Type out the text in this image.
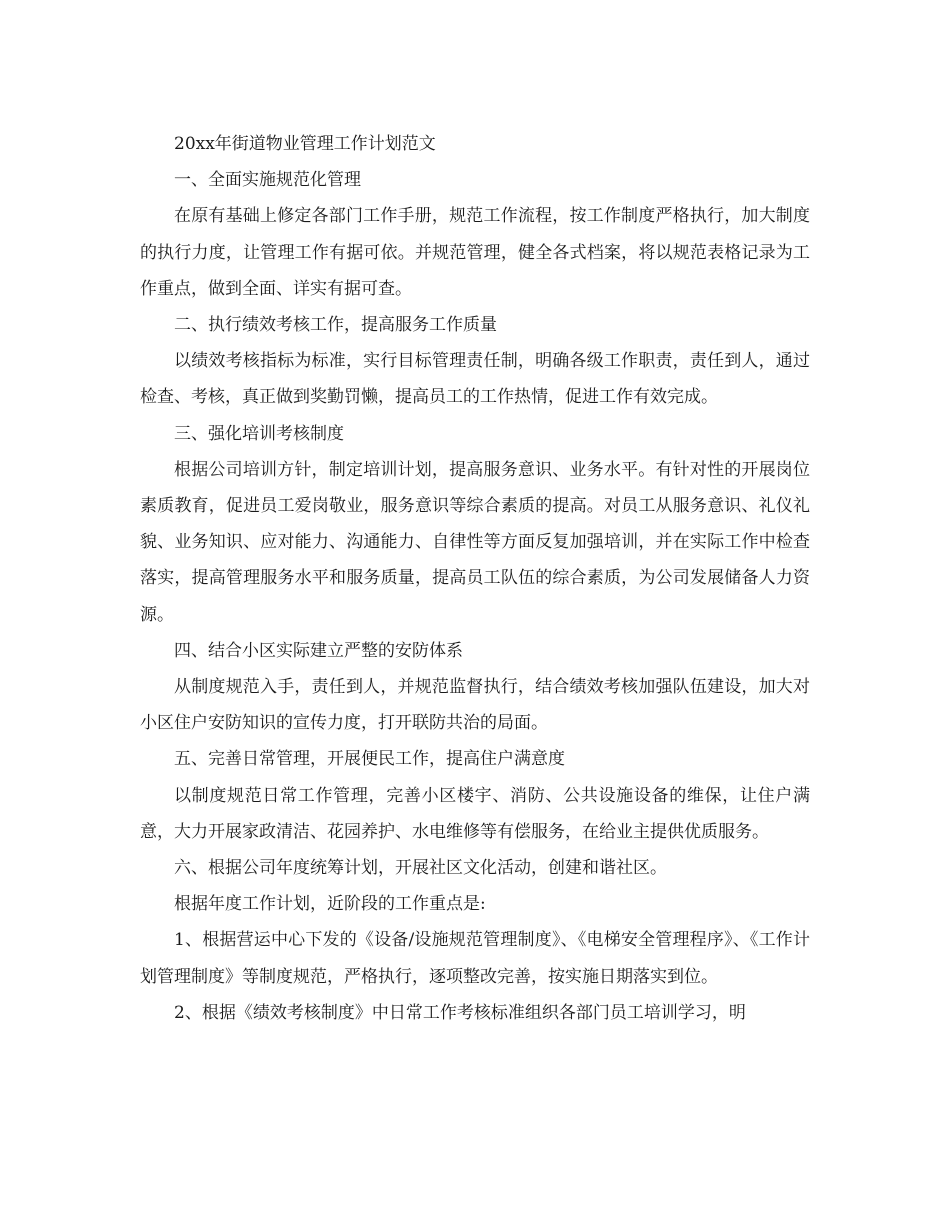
20xx年街道物业管理工作计划范文

一、全面实施规范化管理

在原有基础上修定各部门工作手册，规范工作流程，按工作制度严格执行，加大制度的执行力度，让管理工作有据可依。并规范管理，健全各式档案，将以规范表格记录为工作重点，做到全面、详实有据可查。

二、执行绩效考核工作，提高服务工作质量

以绩效考核指标为标准，实行目标管理责任制，明确各级工作职责，责任到人，通过检查、考核，真正做到奖勤罚懒，提高员工的工作热情，促进工作有效完成。

三、强化培训考核制度

根据公司培训方针，制定培训计划，提高服务意识、业务水平。有针对性的开展岗位素质教育，促进员工爱岗敬业，服务意识等综合素质的提高。对员工从服务意识、礼仪礼貌、业务知识、应对能力、沟通能力、自律性等方面反复加强培训，并在实际工作中检查落实，提高管理服务水平和服务质量，提高员工队伍的综合素质，为公司发展储备人力资源。

四、结合小区实际建立严整的安防体系

从制度规范入手，责任到人，并规范监督执行，结合绩效考核加强队伍建设，加大对小区住户安防知识的宣传力度，打开联防共治的局面。

五、完善日常管理，开展便民工作，提高住户满意度

以制度规范日常工作管理，完善小区楼宇、消防、公共设施设备的维保，让住户满意，大力开展家政清洁、花园养护、水电维修等有偿服务，在给业主提供优质服务。

六、根据公司年度统筹计划，开展社区文化活动，创建和谐社区。

根据年度工作计划，近阶段的工作重点是:

1、根据营运中心下发的《设备/设施规范管理制度》、《电梯安全管理程序》、《工作计划管理制度》等制度规范，严格执行，逐项整改完善，按实施日期落实到位。

2、根据《绩效考核制度》中日常工作考核标准组织各部门员工培训学习，明
